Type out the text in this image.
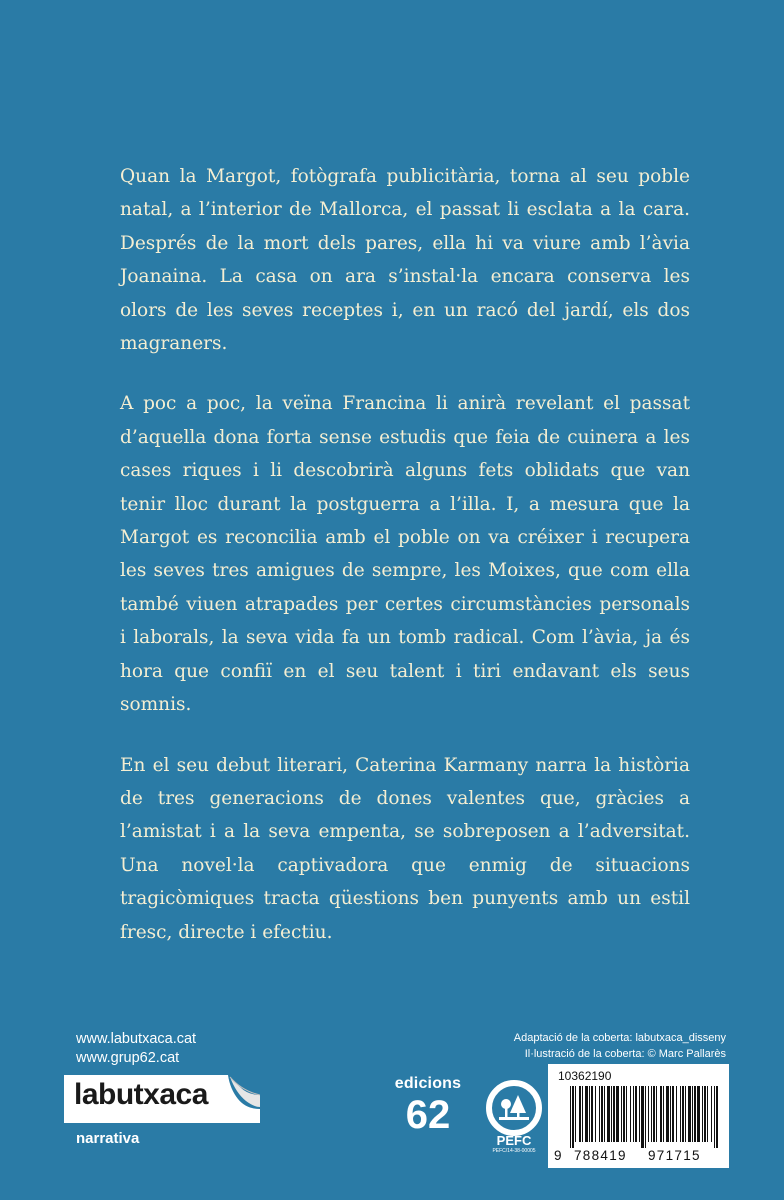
Quan la Margot, fotògrafa publicitària, torna al seu poble natal, a l’interior de Mallorca, el passat li esclata a la cara. Després de la mort dels pares, ella hi va viure amb l’àvia Joanaina. La casa on ara s’instal·la encara conserva les olors de les seves receptes i, en un racó del jardí, els dos magraners.

A poc a poc, la veïna Francina li anirà revelant el passat d’aquella dona forta sense estudis que feia de cuinera a les cases riques i li descobrirà alguns fets oblidats que van tenir lloc durant la postguerra a l’illa. I, a mesura que la Margot es reconcilia amb el poble on va créixer i recupera les seves tres amigues de sempre, les Moixes, que com ella també viuen atrapades per certes circumstàncies personals i laborals, la seva vida fa un tomb radical. Com l’àvia, ja és hora que confiï en el seu talent i tiri endavant els seus somnis.

En el seu debut literari, Caterina Karmany narra la història de tres generacions de dones valentes que, gràcies a l’amistat i a la seva empenta, se sobreposen a l’adversitat. Una novel·la captivadora que enmig de situacions tragicòmiques tracta qüestions ben punyents amb un estil fresc, directe i efectiu.

www.labutxaca.cat
www.grup62.cat
labutxaca
narrativa
edicions
62
PEFC
PEFC/14-38-00005
Adaptació de la coberta: labutxaca_disseny
Il·lustració de la coberta: © Marc Pallarès
10362190
9 788419 971715
